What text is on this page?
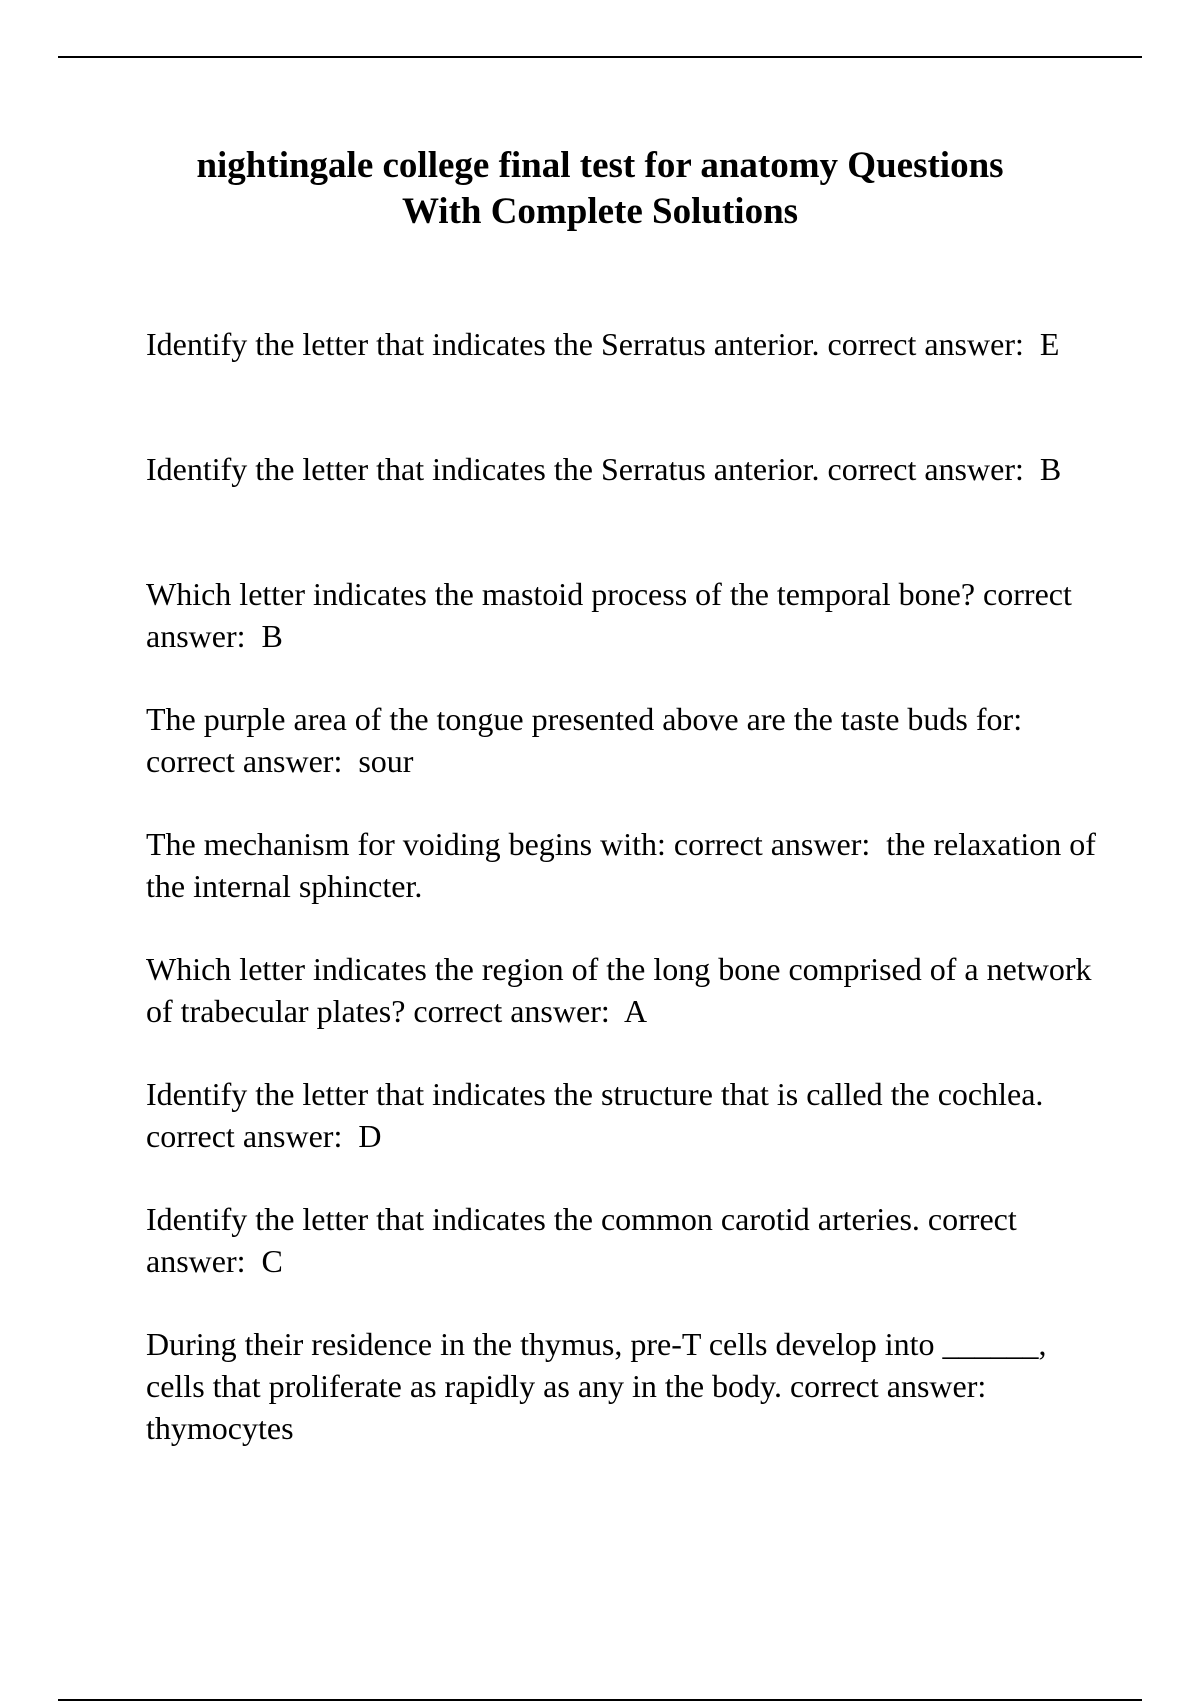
nightingale college final test for anatomy Questions
With Complete Solutions
Identify the letter that indicates the Serratus anterior. correct answer: E
Identify the letter that indicates the Serratus anterior. correct answer: B
Which letter indicates the mastoid process of the temporal bone? correct answer: B
The purple area of the tongue presented above are the taste buds for: correct answer: sour
The mechanism for voiding begins with: correct answer: the relaxation of the internal sphincter.
Which letter indicates the region of the long bone comprised of a network of trabecular plates? correct answer: A
Identify the letter that indicates the structure that is called the cochlea. correct answer: D
Identify the letter that indicates the common carotid arteries. correct answer: C
During their residence in the thymus, pre-T cells develop into ______, cells that proliferate as rapidly as any in the body. correct answer:  thymocytes
